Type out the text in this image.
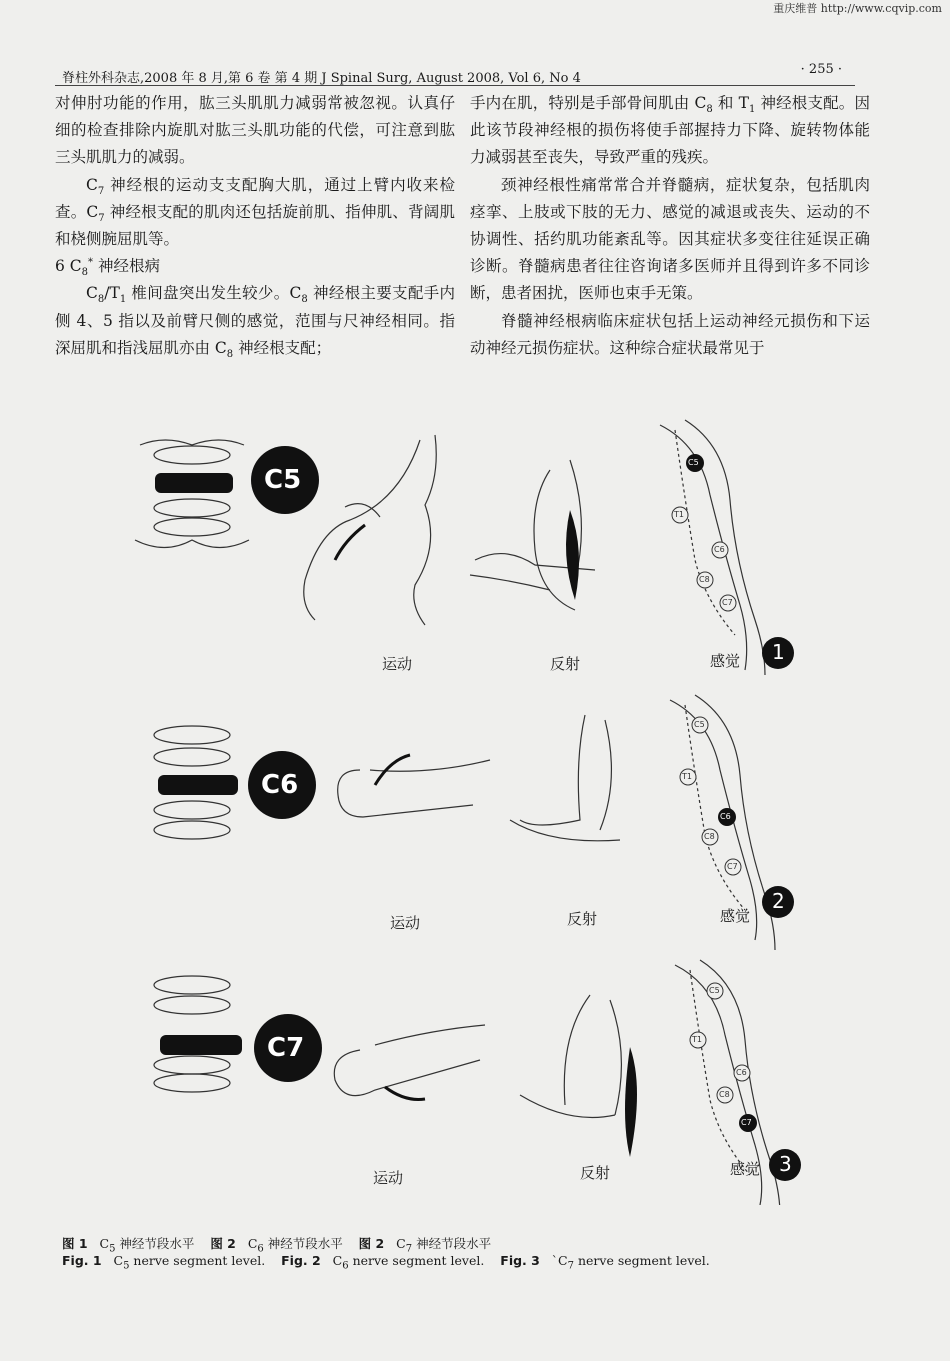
重庆维普 http://www.cqvip.com
脊柱外科杂志,2008 年 8 月,第 6 卷 第 4 期 J Spinal Surg, August 2008, Vol 6, No 4
· 255 ·

对伸肘功能的作用，肱三头肌肌力减弱常被忽视。认真仔细的检查排除内旋肌对肱三头肌功能的代偿，可注意到肱三头肌肌力的减弱。

$C_7$ 神经根的运动支支配胸大肌，通过上臂内收来检查。$C_7$ 神经根支配的肌肉还包括旋前肌、指伸肌、背阔肌和桡侧腕屈肌等。

6 $C_8^*$ 神经根病

$C_8/T_1$ 椎间盘突出发生较少。$C_8$ 神经根主要支配手内侧 4、5 指以及前臂尺侧的感觉，范围与尺神经相同。指深屈肌和指浅屈肌亦由 $C_8$ 神经根支配；

手内在肌，特别是手部骨间肌由 $C_8$ 和 $T_1$ 神经根支配。因此该节段神经根的损伤将使手部握持力下降、旋转物体能力减弱甚至丧失，导致严重的残疾。

颈神经根性痛常常合并脊髓病，症状复杂，包括肌肉痉挛、上肢或下肢的无力、感觉的减退或丧失、运动的不协调性、括约肌功能紊乱等。因其症状多变往往延误正确诊断。脊髓病患者往往咨询诸多医师并且得到许多不同诊断，患者困扰，医师也束手无策。

脊髓神经根病临床症状包括上运动神经元损伤和下运动神经元损伤症状。这种综合症状最常见于

C5
运动	反射	感觉 1
C5
T1
C6
C8
C7
C6
运动	反射	感觉
2
C5
T1
C6
C8
C7
C7
运动	反射	感觉 3
C5
T1
C6
C8
C7
图 1 $C_5$ 神经节段水平 图 2 $C_6$ 神经节段水平 图 2 $C_7$ 神经节段水平
Fig. 1 $C_5$ nerve segment level. Fig. 2 $C_6$ nerve segment level. Fig. 3 $`C_7$ nerve segment level.
